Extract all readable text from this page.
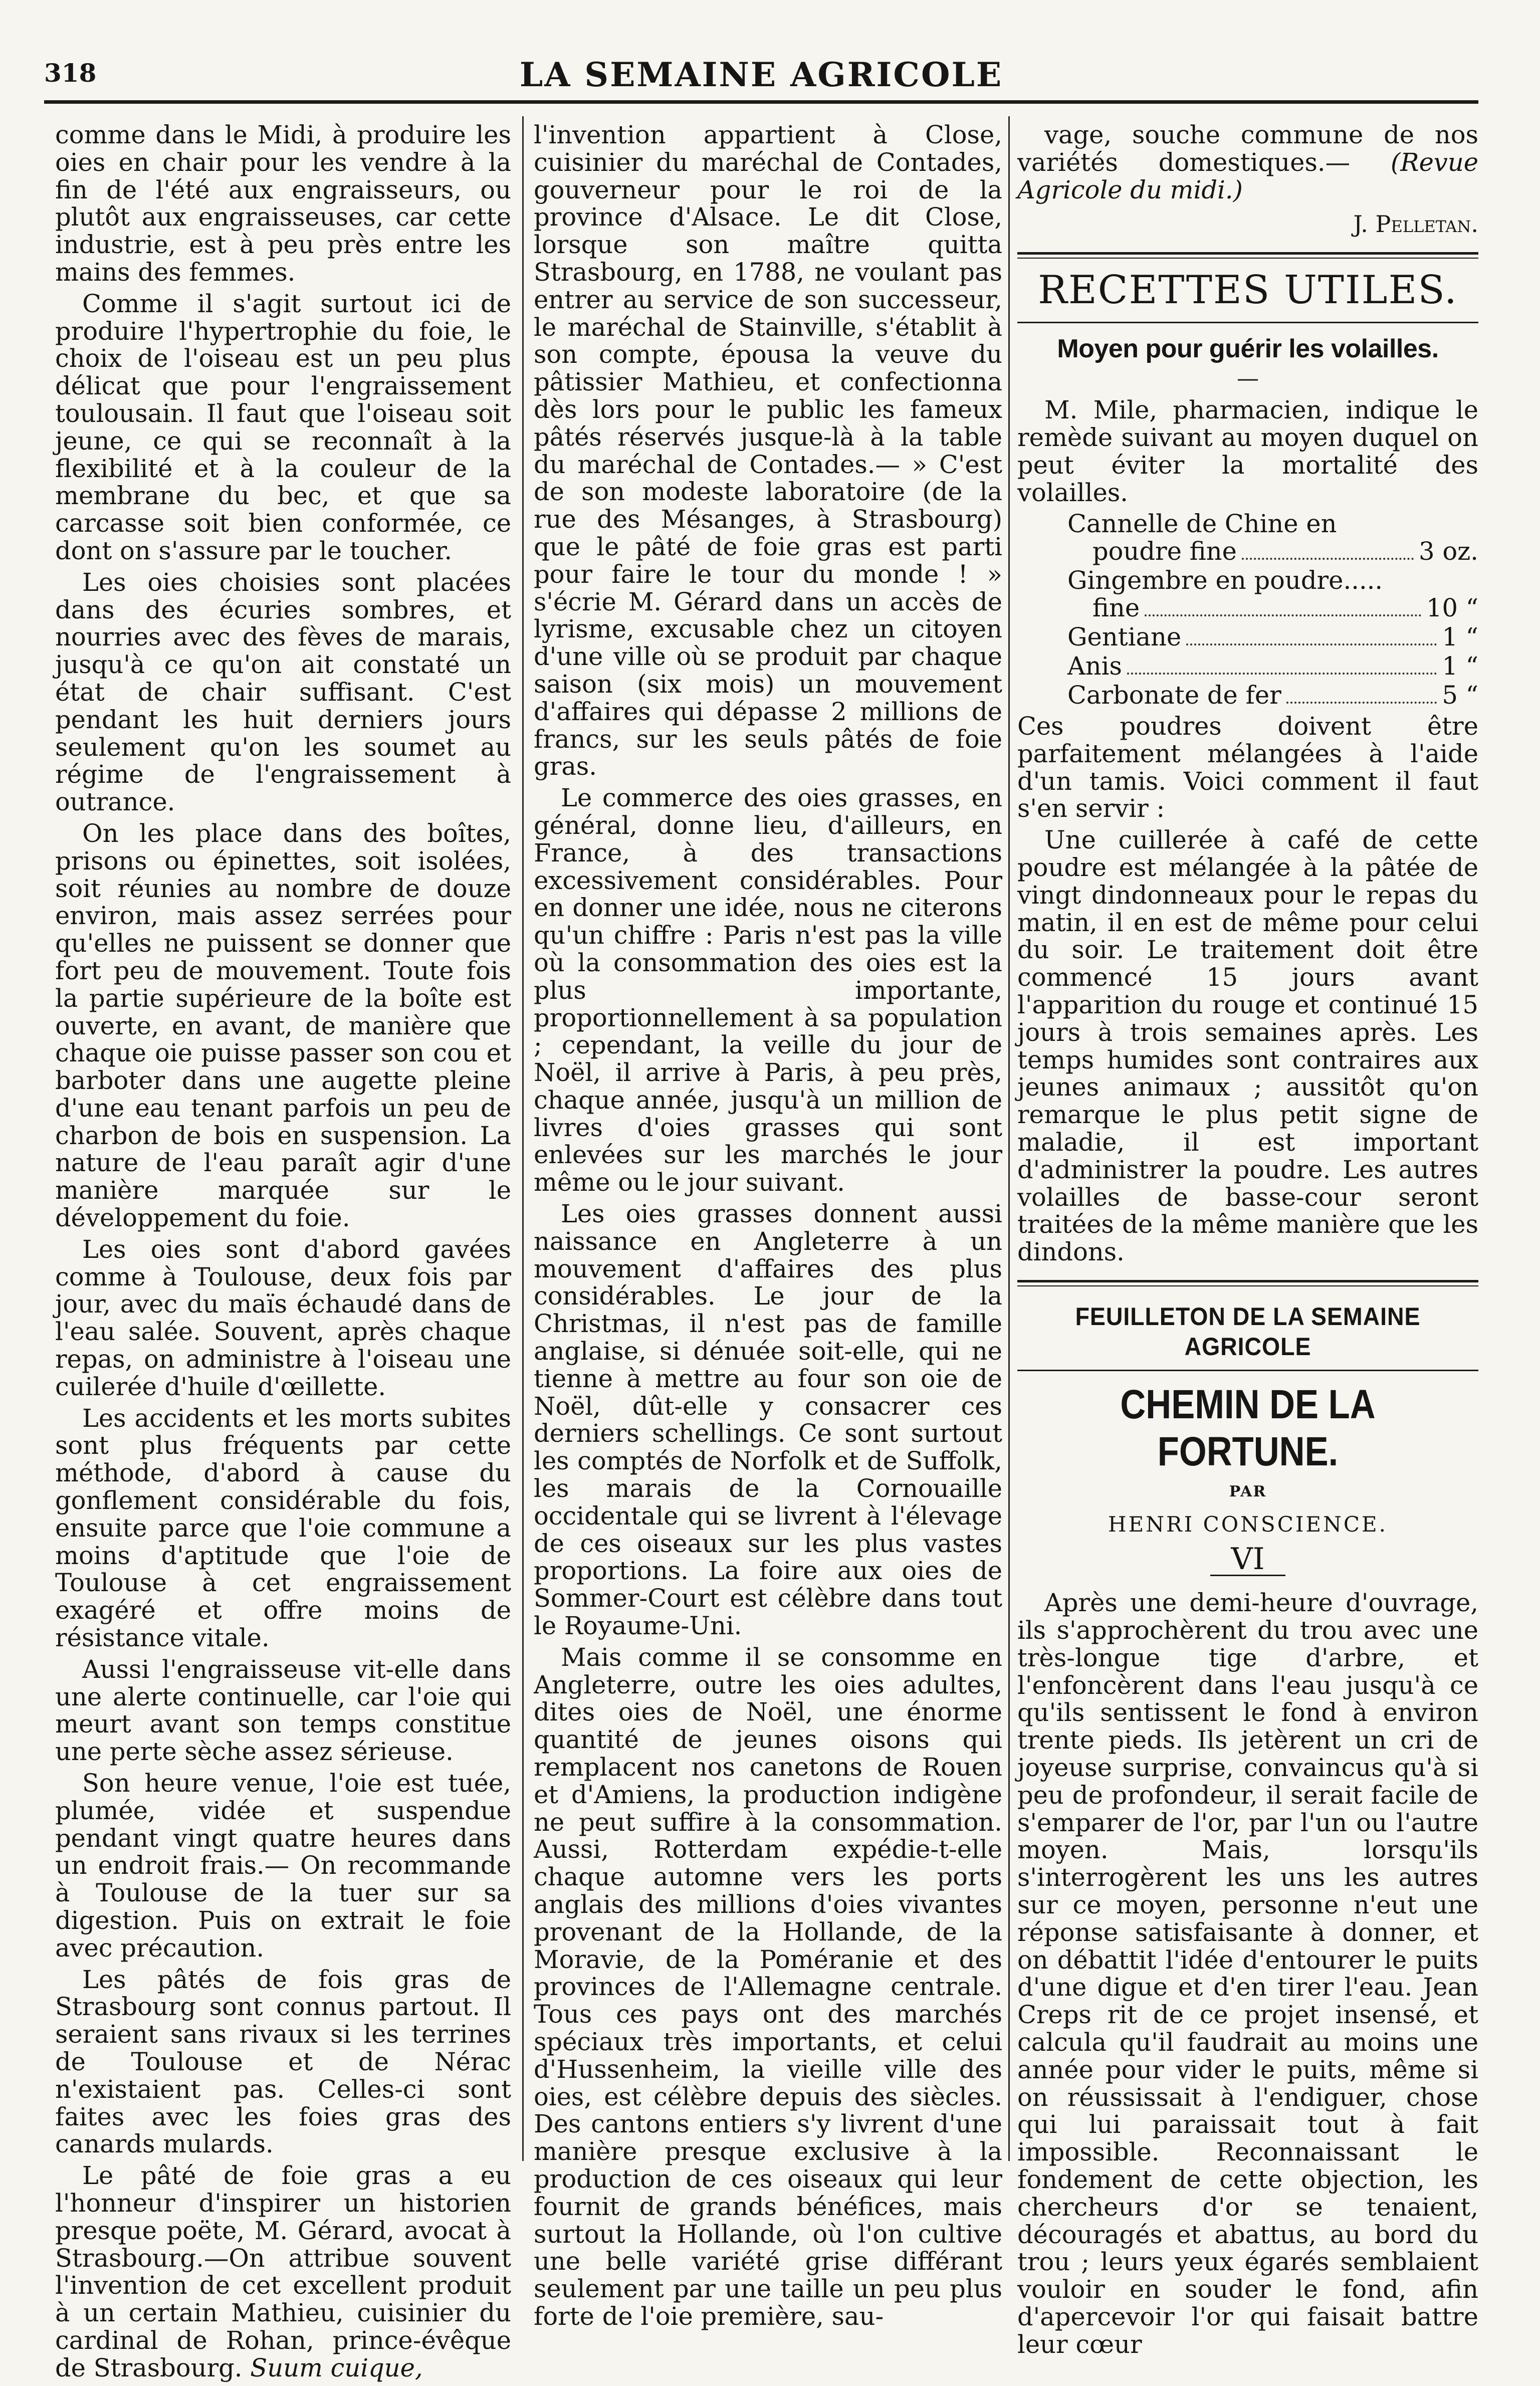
318	LA SEMAINE AGRICOLE

comme dans le Midi, à produire les oies en chair pour les vendre à la fin de l'été aux engraisseurs, ou plutôt aux engraisseuses, car cette industrie, est à peu près entre les mains des femmes.

Comme il s'agit surtout ici de produire l'hypertrophie du foie, le choix de l'oiseau est un peu plus délicat que pour l'engraissement toulousain. Il faut que l'oiseau soit jeune, ce qui se reconnaît à la flexibilité et à la couleur de la membrane du bec, et que sa carcasse soit bien conformée, ce dont on s'assure par le toucher.

Les oies choisies sont placées dans des écuries sombres, et nourries avec des fèves de marais, jusqu'à ce qu'on ait constaté un état de chair suffisant. C'est pendant les huit derniers jours seulement qu'on les soumet au régime de l'engraissement à outrance.

On les place dans des boîtes, prisons ou épinettes, soit isolées, soit réunies au nombre de douze environ, mais assez serrées pour qu'elles ne puissent se donner que fort peu de mouvement. Toute fois la partie supérieure de la boîte est ouverte, en avant, de manière que chaque oie puisse passer son cou et barboter dans une augette pleine d'une eau tenant parfois un peu de charbon de bois en suspension. La nature de l'eau paraît agir d'une manière marquée sur le développement du foie.

Les oies sont d'abord gavées comme à Toulouse, deux fois par jour, avec du maïs échaudé dans de l'eau salée. Souvent, après chaque repas, on administre à l'oiseau une cuilerée d'huile d'œillette.

Les accidents et les morts subites sont plus fréquents par cette méthode, d'abord à cause du gonflement considérable du fois, ensuite parce que l'oie commune a moins d'aptitude que l'oie de Toulouse à cet engraissement exagéré et offre moins de résistance vitale.

Aussi l'engraisseuse vit-elle dans une alerte continuelle, car l'oie qui meurt avant son temps constitue une perte sèche assez sérieuse.

Son heure venue, l'oie est tuée, plumée, vidée et suspendue pendant vingt quatre heures dans un endroit frais.— On recommande à Toulouse de la tuer sur sa digestion. Puis on extrait le foie avec précaution.

Les pâtés de fois gras de Strasbourg sont connus partout. Il seraient sans rivaux si les terrines de Toulouse et de Nérac n'existaient pas. Celles-ci sont faites avec les foies gras des canards mulards.

Le pâté de foie gras a eu l'honneur d'inspirer un historien presque poëte, M. Gérard, avocat à Strasbourg.—On attribue souvent l'invention de cet excellent produit à un certain Mathieu, cuisinier du cardinal de Rohan, prince-évêque de Strasbourg. Suum cuique,

l'invention appartient à Close, cuisinier du maréchal de Contades, gouverneur pour le roi de la province d'Alsace. Le dit Close, lorsque son maître quitta Strasbourg, en 1788, ne voulant pas entrer au service de son successeur, le maréchal de Stainville, s'établit à son compte, épousa la veuve du pâtissier Mathieu, et confectionna dès lors pour le public les fameux pâtés réservés jusque-là à la table du maréchal de Contades.— » C'est de son modeste laboratoire (de la rue des Mésanges, à Strasbourg) que le pâté de foie gras est parti pour faire le tour du monde ! » s'écrie M. Gérard dans un accès de lyrisme, excusable chez un citoyen d'une ville où se produit par chaque saison (six mois) un mouvement d'affaires qui dépasse 2 millions de francs, sur les seuls pâtés de foie gras.

Le commerce des oies grasses, en général, donne lieu, d'ailleurs, en France, à des transactions excessivement considérables. Pour en donner une idée, nous ne citerons qu'un chiffre : Paris n'est pas la ville où la consommation des oies est la plus importante, proportionnellement à sa population ; cependant, la veille du jour de Noël, il arrive à Paris, à peu près, chaque année, jusqu'à un million de livres d'oies grasses qui sont enlevées sur les marchés le jour même ou le jour suivant.

Les oies grasses donnent aussi naissance en Angleterre à un mouvement d'affaires des plus considérables. Le jour de la Christmas, il n'est pas de famille anglaise, si dénuée soit-elle, qui ne tienne à mettre au four son oie de Noël, dût-elle y consacrer ces derniers schellings. Ce sont surtout les comptés de Norfolk et de Suffolk, les marais de la Cornouaille occidentale qui se livrent à l'élevage de ces oiseaux sur les plus vastes proportions. La foire aux oies de Sommer-Court est célèbre dans tout le Royaume-Uni.

Mais comme il se consomme en Angleterre, outre les oies adultes, dites oies de Noël, une énorme quantité de jeunes oisons qui remplacent nos canetons de Rouen et d'Amiens, la production indigène ne peut suffire à la consommation. Aussi, Rotterdam expédie-t-elle chaque automne vers les ports anglais des millions d'oies vivantes provenant de la Hollande, de la Moravie, de la Poméranie et des provinces de l'Allemagne centrale. Tous ces pays ont des marchés spéciaux très importants, et celui d'Hussenheim, la vieille ville des oies, est célèbre depuis des siècles. Des cantons entiers s'y livrent d'une manière presque exclusive à la production de ces oiseaux qui leur fournit de grands bénéfices, mais surtout la Hollande, où l'on cultive une belle variété grise différant seulement par une taille un peu plus forte de l'oie première, sau-

vage, souche commune de nos variétés domestiques.— (Revue Agricole du midi.)

J. Pelletan.
RECETTES UTILES.
Moyen pour guérir les volailles.
—

M. Mile, pharmacien, indique le remède suivant au moyen duquel on peut éviter la mortalité des volailles.

Cannelle de Chine en
poudre fine	3 oz.
Gingembre en poudre.....
fine	10 “
Gentiane	1 “
Anis	1 “
Carbonate de fer	5 “

Ces poudres doivent être parfaitement mélangées à l'aide d'un tamis. Voici comment il faut s'en servir :

Une cuillerée à café de cette poudre est mélangée à la pâtée de vingt dindonneaux pour le repas du matin, il en est de même pour celui du soir. Le traitement doit être commencé 15 jours avant l'apparition du rouge et continué 15 jours à trois semaines après. Les temps humides sont contraires aux jeunes animaux ; aussitôt qu'on remarque le plus petit signe de maladie, il est important d'administrer la poudre. Les autres volailles de basse-cour seront traitées de la même manière que les dindons.

FEUILLETON DE LA SEMAINE AGRICOLE
CHEMIN DE LA FORTUNE.
PAR
HENRI CONSCIENCE.
VI

Après une demi-heure d'ouvrage, ils s'approchèrent du trou avec une très-longue tige d'arbre, et l'enfoncèrent dans l'eau jusqu'à ce qu'ils sentissent le fond à environ trente pieds. Ils jetèrent un cri de joyeuse surprise, convaincus qu'à si peu de profondeur, il serait facile de s'emparer de l'or, par l'un ou l'autre moyen. Mais, lorsqu'ils s'interrogèrent les uns les autres sur ce moyen, personne n'eut une réponse satisfaisante à donner, et on débattit l'idée d'entourer le puits d'une digue et d'en tirer l'eau. Jean Creps rit de ce projet insensé, et calcula qu'il faudrait au moins une année pour vider le puits, même si on réussissait à l'endiguer, chose qui lui paraissait tout à fait impossible. Reconnaissant le fondement de cette objection, les chercheurs d'or se tenaient, découragés et abattus, au bord du trou ; leurs yeux égarés semblaient vouloir en souder le fond, afin d'apercevoir l'or qui faisait battre leur cœur
